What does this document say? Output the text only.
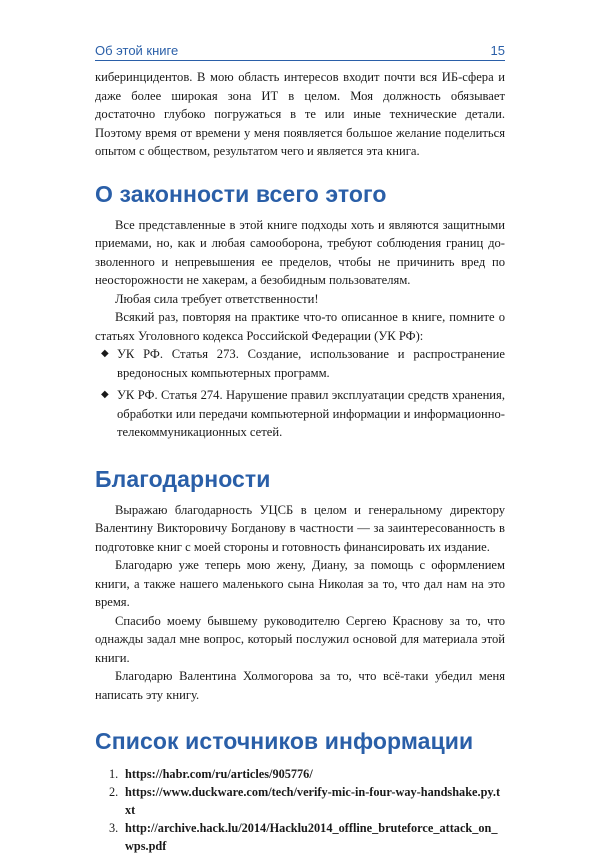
Об этой книге	15

киберинцидентов. В мою область интересов входит почти вся ИБ-сфера и даже более широкая зона ИТ в целом. Моя должность обязывает достаточно глубоко погружаться в те или иные технические детали. Поэтому время от времени у меня появляется большое желание поделиться опытом с обществом, результатом чего и является эта книга.

О законности всего этого

Все представленные в этой книге подходы хоть и являются защитными приемами, но, как и любая самооборона, требуют соблюдения границ дозволенного и непревышения ее пределов, чтобы не причинить вред по неосторожности не хакерам, а безобидным пользователям.

Любая сила требует ответственности!

Всякий раз, повторяя на практике что-то описанное в книге, помните о статьях Уголовного кодекса Российской Федерации (УК РФ):

◆ УК РФ. Статья 273. Создание, использование и распространение вредоносных компьютерных программ.
◆ УК РФ. Статья 274. Нарушение правил эксплуатации средств хранения, обработки или передачи компьютерной информации и информационно-телекоммуникационных сетей.
Благодарности

Выражаю благодарность УЦСБ в целом и генеральному директору Валентину Викторовичу Богданову в частности — за заинтересованность в подготовке книг с моей стороны и готовность финансировать их издание.

Благодарю уже теперь мою жену, Диану, за помощь с оформлением книги, а также нашего маленького сына Николая за то, что дал нам на это время.

Спасибо моему бывшему руководителю Сергею Краснову за то, что однажды задал мне вопрос, который послужил основой для материала этой книги.

Благодарю Валентина Холмогорова за то, что всё-таки убедил меня написать эту книгу.

Список источников информации
1. https://habr.com/ru/articles/905776/
2. https://www.duckware.com/tech/verify-mic-in-four-way-handshake.py.txt
3. http://archive.hack.lu/2014/Hacklu2014_offline_bruteforce_attack_on_ wps.pdf
